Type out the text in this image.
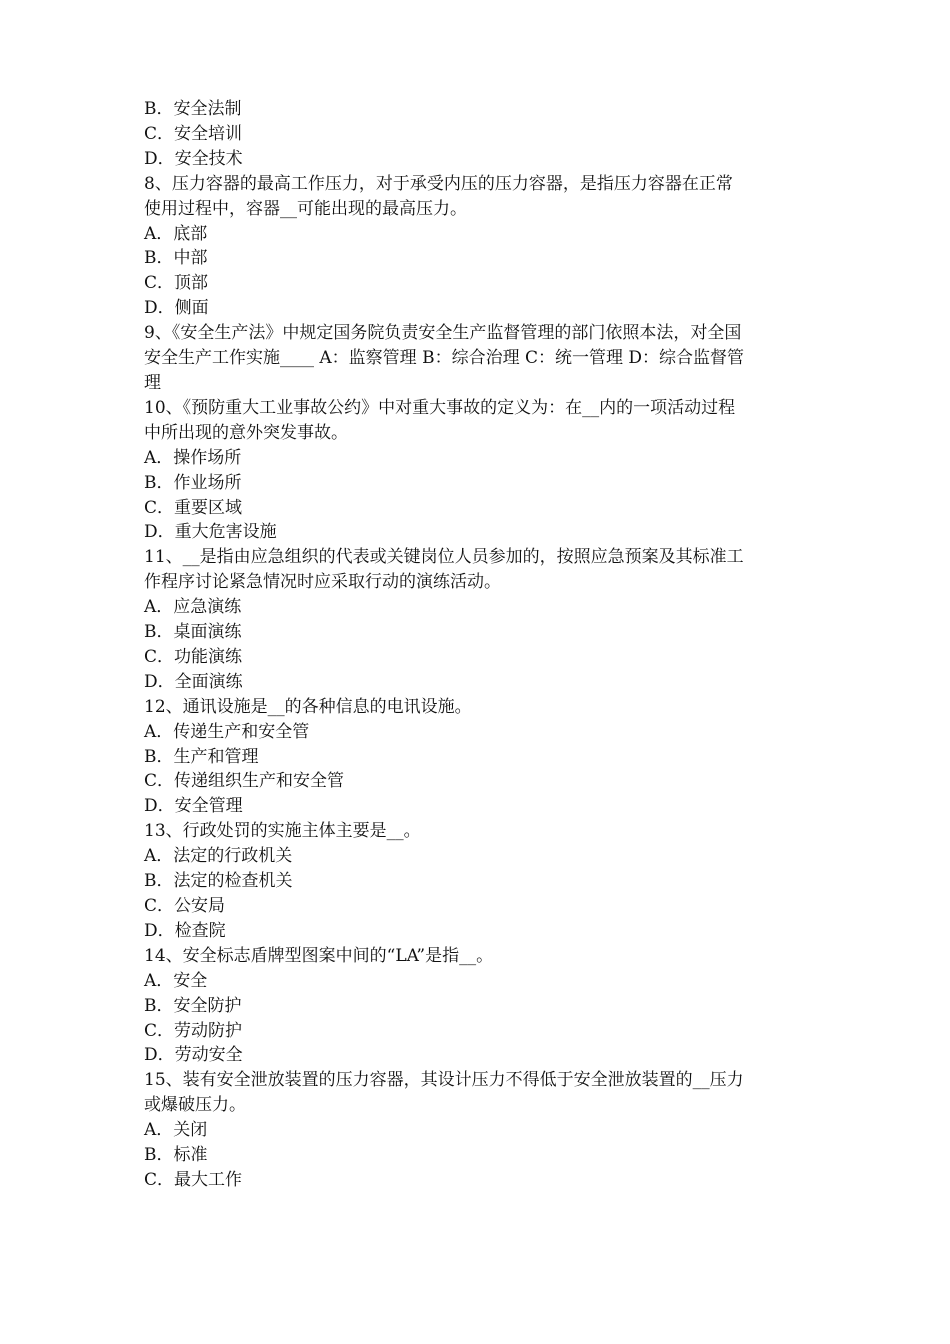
B．安全法制
C．安全培训
D．安全技术
8、压力容器的最高工作压力，对于承受内压的压力容器，是指压力容器在正常
使用过程中，容器__可能出现的最高压力。
A．底部
B．中部
C．顶部
D．侧面
9、《安全生产法》中规定国务院负责安全生产监督管理的部门依照本法，对全国
安全生产工作实施____ A：监察管理 B：综合治理 C：统一管理 D：综合监督管
理
10、《预防重大工业事故公约》中对重大事故的定义为：在__内的一项活动过程
中所出现的意外突发事故。
A．操作场所
B．作业场所
C．重要区域
D．重大危害设施
11、__是指由应急组织的代表或关键岗位人员参加的，按照应急预案及其标准工
作程序讨论紧急情况时应采取行动的演练活动。
A．应急演练
B．桌面演练
C．功能演练
D．全面演练
12、通讯设施是__的各种信息的电讯设施。
A．传递生产和安全管
B．生产和管理
C．传递组织生产和安全管
D．安全管理
13、行政处罚的实施主体主要是__。
A．法定的行政机关
B．法定的检查机关
C．公安局
D．检查院
14、安全标志盾牌型图案中间的“LA”是指__。
A．安全
B．安全防护
C．劳动防护
D．劳动安全
15、装有安全泄放装置的压力容器，其设计压力不得低于安全泄放装置的__压力
或爆破压力。
A．关闭
B．标准
C．最大工作
